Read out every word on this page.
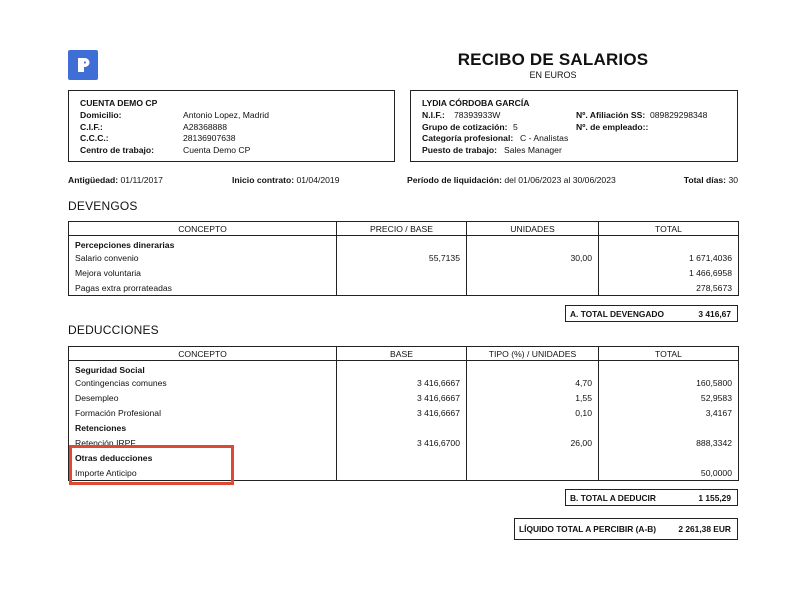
RECIBO DE SALARIOS
EN EUROS
CUENTA DEMO CP
Domicilio:	Antonio Lopez, Madrid
C.I.F.:	A28368888
C.C.C.:	28136907638
Centro de trabajo:	Cuenta Demo CP
LYDIA CÓRDOBA GARCÍA
N.I.F.: 78393933W	Nº. Afiliación SS: 089829298348
Grupo de cotización: 5	Nº. de empleado::
Categoría profesional: C - Analistas
Puesto de trabajo: Sales Manager
Antigüedad: 01/11/2017	Inicio contrato: 01/04/2019	Período de liquidación: del 01/06/2023 al 30/06/2023	Total días: 30
DEVENGOS
CONCEPTO	PRECIO / BASE	UNIDADES	TOTAL
Percepciones dinerarias			
Salario convenio	55,7135	30,00	1 671,4036
Mejora voluntaria			1 466,6958
Pagas extra prorrateadas			278,5673
A. TOTAL DEVENGADO	3 416,67
DEDUCCIONES
CONCEPTO	BASE	TIPO (%) / UNIDADES	TOTAL
Seguridad Social			
Contingencias comunes	3 416,6667	4,70	160,5800
Desempleo	3 416,6667	1,55	52,9583
Formación Profesional	3 416,6667	0,10	3,4167
Retenciones			
Retención IRPF	3 416,6700	26,00	888,3342
Otras deducciones			
Importe Anticipo			50,0000
B. TOTAL A DEDUCIR	1 155,29
LÍQUIDO TOTAL A PERCIBIR (A-B)	2 261,38 EUR
